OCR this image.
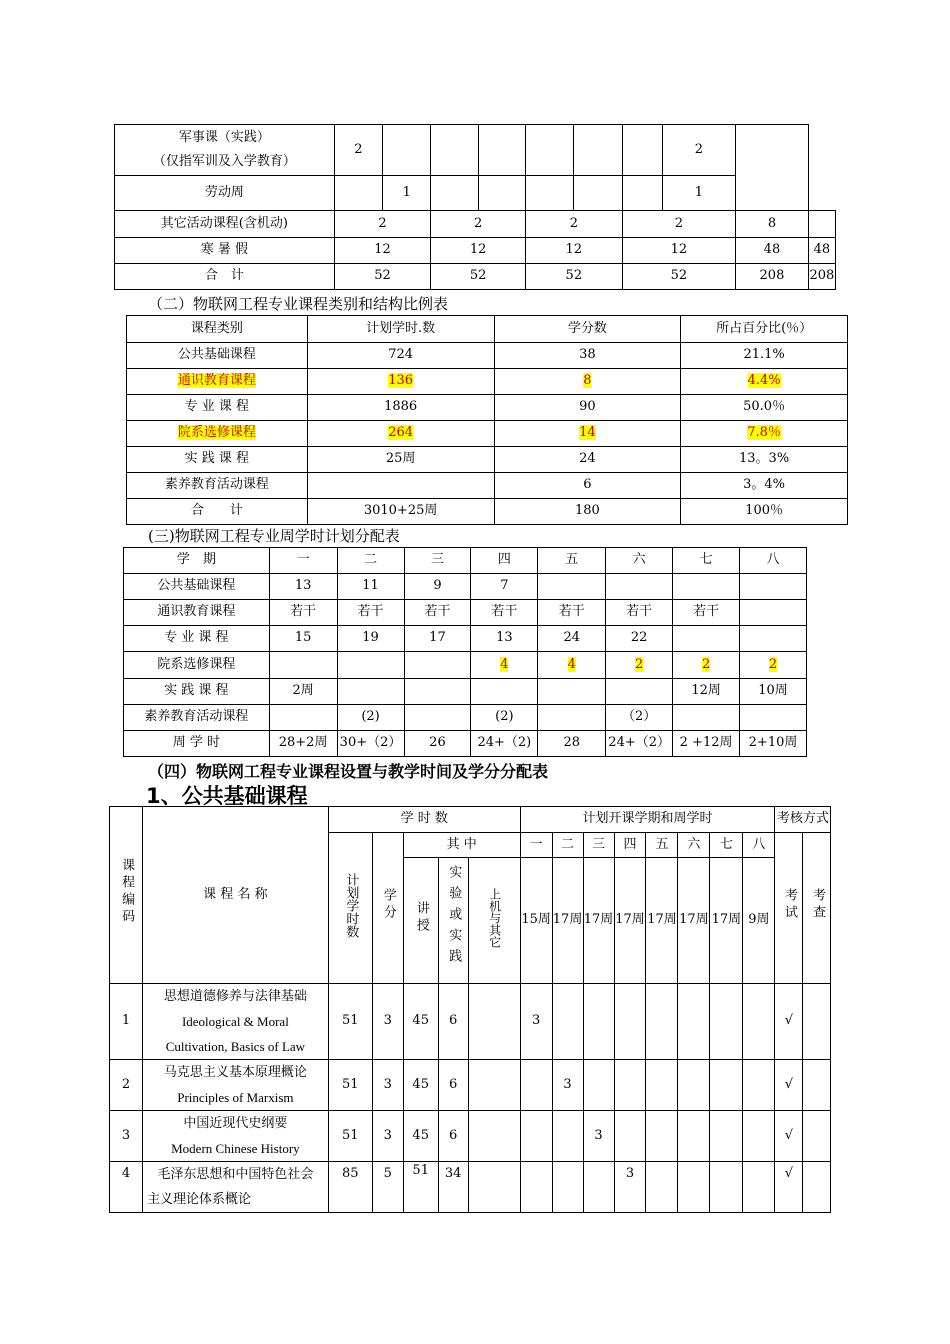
军事课（实践）
（仅指军训及入学教育）	2							2		
劳动周		1						1		
其它活动课程(含机动)	2		2		2		2		8	
寒 暑 假	12		12		12		12		48	48
合　计	52		52		52		52		208	208
（二）物联网工程专业课程类别和结构比例表
课程类别	计划学时.数	学分数	所占百分比(％）
公共基础课程	724	38	21.1%
通识教育课程	136	8	4.4%
专 业 课 程	1886	90	50.0％
院系选修课程	264	14	7.8％
实 践 课 程	25周	24	13。3%
素养教育活动课程		6	3。4%
合　　计	3010+25周	180	100％
(三)物联网工程专业周学时计划分配表
学　期	一	二	三	四	五	六	七	八
公共基础课程	13	11	9	7				
通识教育课程	若干	若干	若干	若干	若干	若干	若干	
专 业 课 程	15	19	17	13	24	22		
院系选修课程				4	4	2	2	2
实 践 课 程	2周						12周	10周
素养教育活动课程		(2)		(2)		（2）		
周 学 时	28+2周	30+（2）	26	24+（2)	28	24+（2）	2 +12周	2+10周
（四）物联网工程专业课程设置与教学时间及学分分配表
1、公共基础课程
课程编码	课 程 名 称	学 时 数					计划开课学期和周学时								考核方式		
		计划学时数	学分	其 中			一	二	三	四	五	六	七	八	考试	考查	
				讲授	实验或实践	上机与其它	15周	17周	17周	17周	17周	17周	17周	9周			
1	思想道德修养与法律基础
Ideological & Moral
Cultivation, Basics of Law	51	3	45	6		3								√		
2	马克思主义基本原理概论
Principles of Marxism	51	3	45	6			3							√		
3	中国近现代史纲要
Modern Chinese History	51	3	45	6				3						√		
4	毛泽东思想和中国特色社会
主义理论体系概论	85	5	51	34					3					√		
